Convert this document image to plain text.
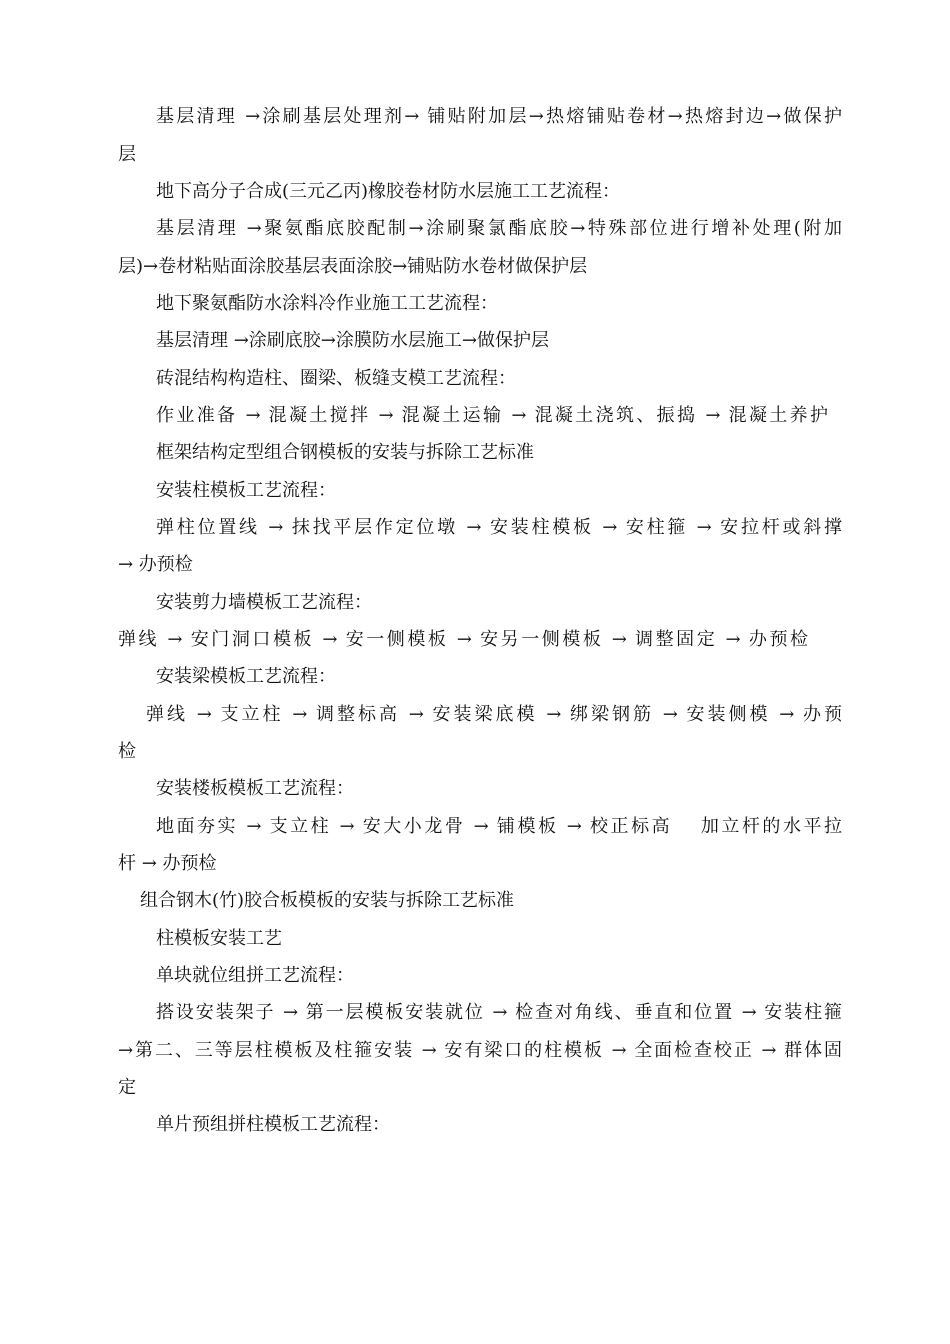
基层清理 →涂刷基层处理剂→ 铺贴附加层→热熔铺贴卷材→热熔封边→做保护

层

地下高分子合成(三元乙丙)橡胶卷材防水层施工工艺流程：

基层清理 →聚氨酯底胶配制→涂刷聚氯酯底胶→特殊部位进行增补处理(附加

层)→卷材粘贴面涂胶基层表面涂胶→铺贴防水卷材做保护层

地下聚氨酯防水涂料冷作业施工工艺流程：

基层清理 →涂刷底胶→涂膜防水层施工→做保护层

砖混结构构造柱、圈梁、板缝支模工艺流程：

作业准备 → 混凝土搅拌 → 混凝土运输 → 混凝土浇筑、振捣 → 混凝土养护

框架结构定型组合钢模板的安装与拆除工艺标准

安装柱模板工艺流程：

弹柱位置线 → 抹找平层作定位墩 → 安装柱模板 → 安柱箍 → 安拉杆或斜撑

→ 办预检

安装剪力墙模板工艺流程：

弹线 → 安门洞口模板 → 安一侧模板 → 安另一侧模板 → 调整固定 → 办预检

安装梁模板工艺流程：

弹线 → 支立柱 → 调整标高 → 安装梁底模 → 绑梁钢筋 → 安装侧模 → 办预

检

安装楼板模板工艺流程：

地面夯实 → 支立柱 → 安大小龙骨 → 铺模板 → 校正标高　 加立杆的水平拉

杆 → 办预检

组合钢木(竹)胶合板模板的安装与拆除工艺标准

柱模板安装工艺

单块就位组拼工艺流程：

搭设安装架子 → 第一层模板安装就位 → 检查对角线、垂直和位置 → 安装柱箍

→第二、三等层柱模板及柱箍安装 → 安有梁口的柱模板 → 全面检查校正 → 群体固

定

单片预组拼柱模板工艺流程：
